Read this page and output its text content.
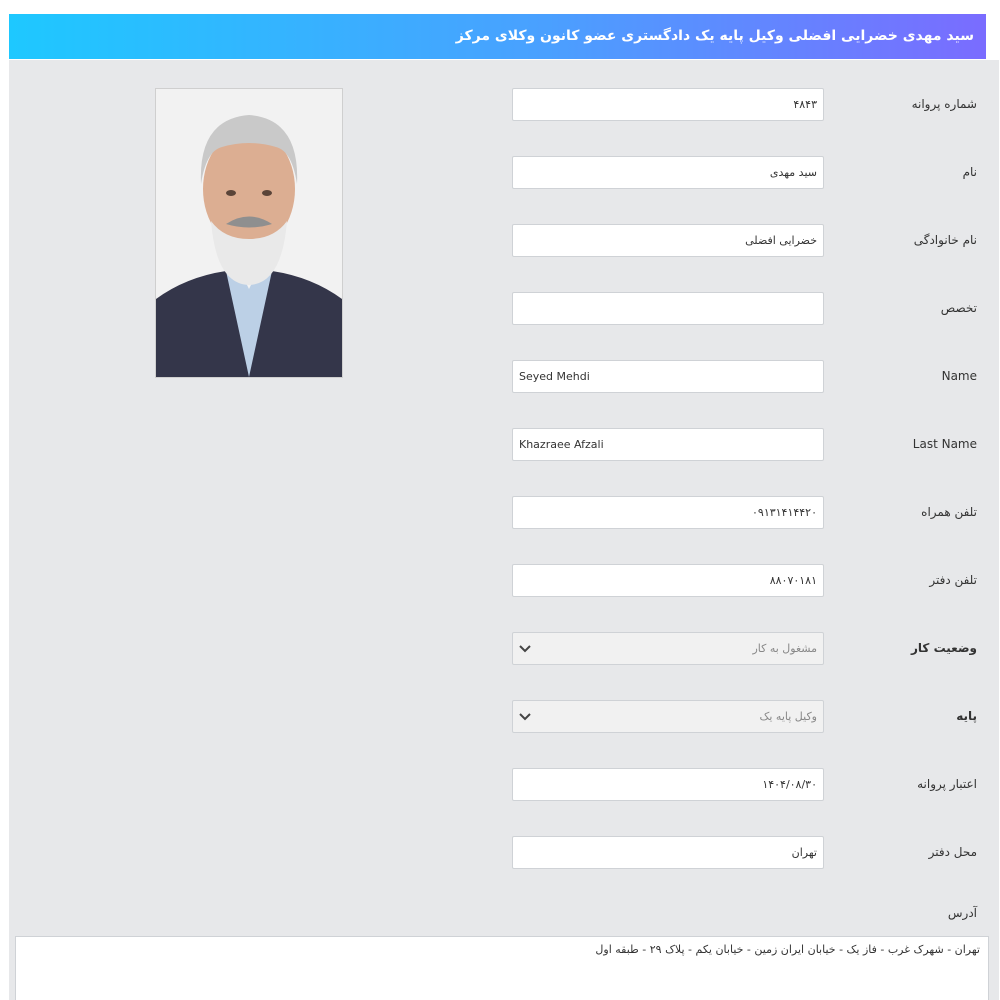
سید مهدی خضرایی افضلی وکیل پایه یک دادگستری عضو کانون وکلای مرکز
شماره پروانه
۴۸۴۳
نام
سید مهدی
نام خانوادگی
خضرایی افضلی
تخصص
Name
Seyed Mehdi
Last Name
Khazraee Afzali
تلفن همراه
۰۹۱۳۱۴۱۴۴۲۰
تلفن دفتر
۸۸۰۷۰۱۸۱
وضعیت کار
مشغول به کار
پایه
وکیل پایه یک
اعتبار پروانه
۱۴۰۴/۰۸/۳۰
محل دفتر
تهران
آدرس
تهران - شهرک غرب - فاز یک - خیابان ایران زمین - خیابان یکم - پلاک ۲۹ - طبقه اول
